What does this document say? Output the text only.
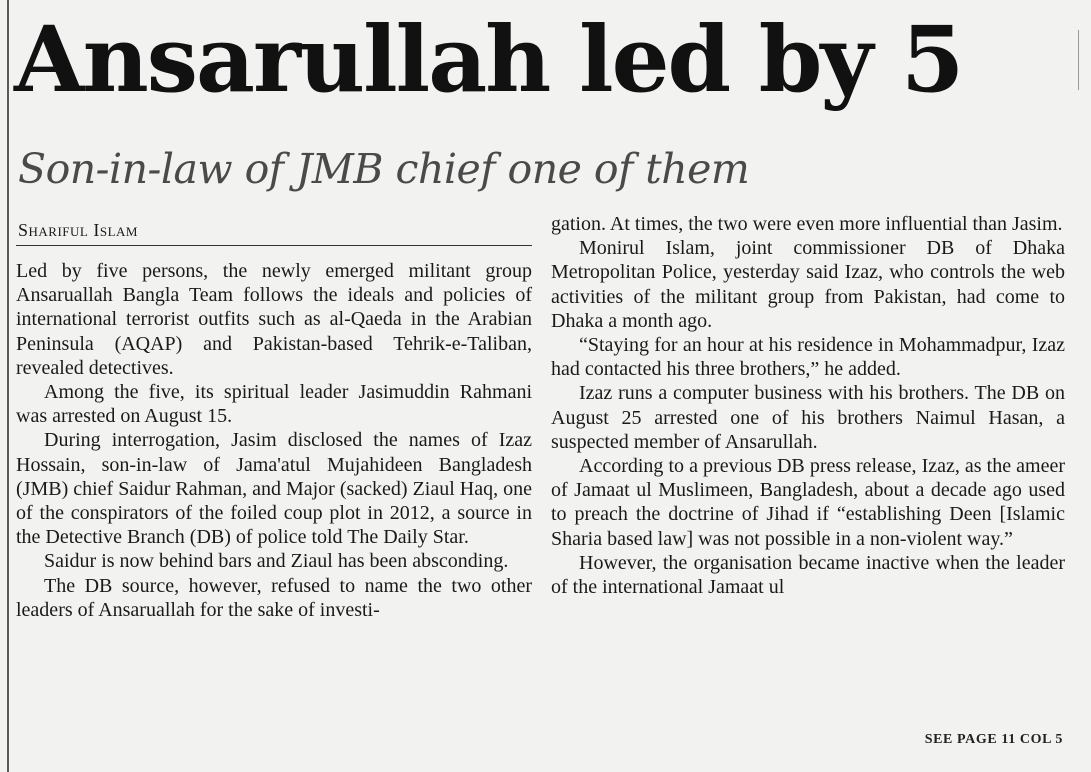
Ansarullah led by 5
Son-in-law of JMB chief one of them
Shariful Islam

Led by five persons, the newly emerged militant group Ansaruallah Bangla Team follows the ideals and policies of international terrorist outfits such as al-Qaeda in the Arabian Peninsula (AQAP) and Pakistan-based Tehrik-e-Taliban, revealed detectives.

Among the five, its spiritual leader Jasimuddin Rahmani was arrested on August 15.

During interrogation, Jasim disclosed the names of Izaz Hossain, son-in-law of Jama'atul Mujahideen Bangladesh (JMB) chief Saidur Rahman, and Major (sacked) Ziaul Haq, one of the conspirators of the foiled coup plot in 2012, a source in the Detective Branch (DB) of police told The Daily Star.

Saidur is now behind bars and Ziaul has been absconding.

The DB source, however, refused to name the two other leaders of Ansaruallah for the sake of investi-

gation. At times, the two were even more influential than Jasim.

Monirul Islam, joint commissioner DB of Dhaka Metropolitan Police, yesterday said Izaz, who controls the web activities of the militant group from Pakistan, had come to Dhaka a month ago.

“Staying for an hour at his residence in Mohammadpur, Izaz had contacted his three brothers,” he added.

Izaz runs a computer business with his brothers. The DB on August 25 arrested one of his brothers Naimul Hasan, a suspected member of Ansarullah.

According to a previous DB press release, Izaz, as the ameer of Jamaat ul Muslimeen, Bangladesh, about a decade ago used to preach the doctrine of Jihad if “establishing Deen [Islamic Sharia based law] was not possible in a non-violent way.”

However, the organisation became inactive when the leader of the international Jamaat ul

SEE PAGE 11 COL 5
